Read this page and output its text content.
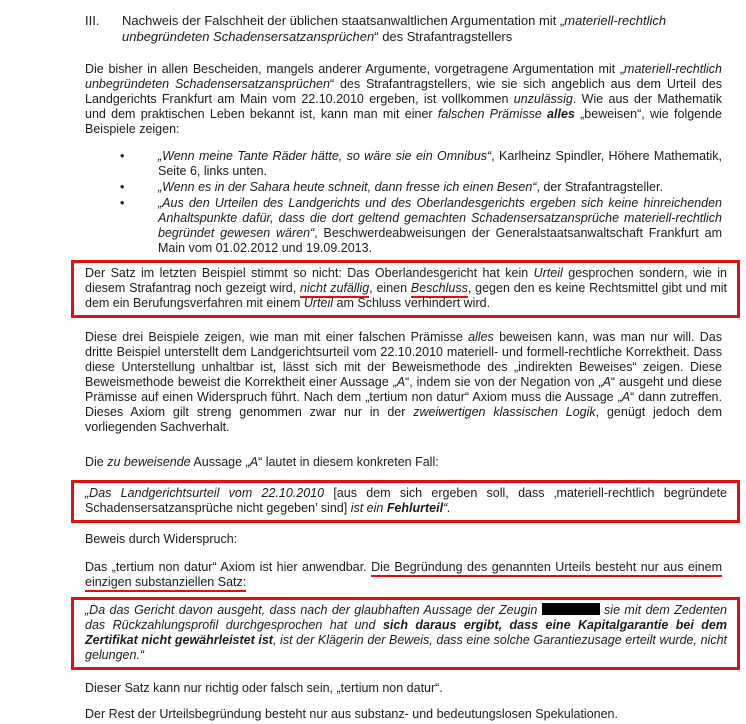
III.	Nachweis der Falschheit der üblichen staatsanwaltlichen Argumentation mit „materiell-rechtlich unbegründeten Schadensersatzansprüchen“ des Strafantragstellers
Die bisher in allen Bescheiden, mangels anderer Argumente, vorgetragene Argumentation mit „materiell-rechtlich unbegründeten Schadensersatzansprüchen“ des Strafantragstellers, wie sie sich angeblich aus dem Urteil des Landgerichts Frankfurt am Main vom 22.10.2010 ergeben, ist vollkommen unzulässig. Wie aus der Mathematik und dem praktischen Leben bekannt ist, kann man mit einer falschen Prämisse alles „beweisen“, wie folgende Beispiele zeigen:
•	„Wenn meine Tante Räder hätte, so wäre sie ein Omnibus“, Karlheinz Spindler, Höhere Mathematik, Seite 6, links unten.
•	„Wenn es in der Sahara heute schneit, dann fresse ich einen Besen“, der Strafantragsteller.
•	„Aus den Urteilen des Landgerichts und des Oberlandesgerichts ergeben sich keine hinreichenden Anhaltspunkte dafür, dass die dort geltend gemachten Schadensersatzansprüche materiell-rechtlich begründet gewesen wären“, Beschwerdeabweisungen der Generalstaatsanwaltschaft Frankfurt am Main vom 01.02.2012 und 19.09.2013.
Der Satz im letzten Beispiel stimmt so nicht: Das Oberlandesgericht hat kein Urteil gesprochen sondern, wie in diesem Strafantrag noch gezeigt wird, nicht zufällig, einen Beschluss, gegen den es keine Rechtsmittel gibt und mit dem ein Berufungsverfahren mit einem Urteil am Schluss verhindert wird.
Diese drei Beispiele zeigen, wie man mit einer falschen Prämisse alles beweisen kann, was man nur will. Das dritte Beispiel unterstellt dem Landgerichtsurteil vom 22.10.2010 materiell- und formell-rechtliche Korrektheit. Dass diese Unterstellung unhaltbar ist, lässt sich mit der Beweismethode des „indirekten Beweises“ zeigen. Diese Beweismethode beweist die Korrektheit einer Aussage „A“, indem sie von der Negation von „A“ ausgeht und diese Prämisse auf einen Widerspruch führt. Nach dem „tertium non datur“ Axiom muss die Aussage „A“ dann zutreffen. Dieses Axiom gilt streng genommen zwar nur in der zweiwertigen klassischen Logik, genügt jedoch dem vorliegenden Sachverhalt.
Die zu beweisende Aussage „A“ lautet in diesem konkreten Fall:
„Das Landgerichtsurteil vom 22.10.2010 [aus dem sich ergeben soll, dass ‚materiell-rechtlich begründete Schadensersatzansprüche nicht gegeben’ sind] ist ein Fehlurteil“.
Beweis durch Widerspruch:
Das „tertium non datur“ Axiom ist hier anwendbar. Die Begründung des genannten Urteils besteht nur aus einem einzigen substanziellen Satz:
„Da das Gericht davon ausgeht, dass nach der glaubhaften Aussage der Zeugin	sie mit dem Zedenten das Rückzahlungsprofil durchgesprochen hat und sich daraus ergibt, dass eine Kapitalgarantie bei dem Zertifikat nicht gewährleistet ist, ist der Klägerin der Beweis, dass eine solche Garantiezusage erteilt wurde, nicht gelungen.“
Dieser Satz kann nur richtig oder falsch sein, „tertium non datur“.
Der Rest der Urteilsbegründung besteht nur aus substanz- und bedeutungslosen Spekulationen.
